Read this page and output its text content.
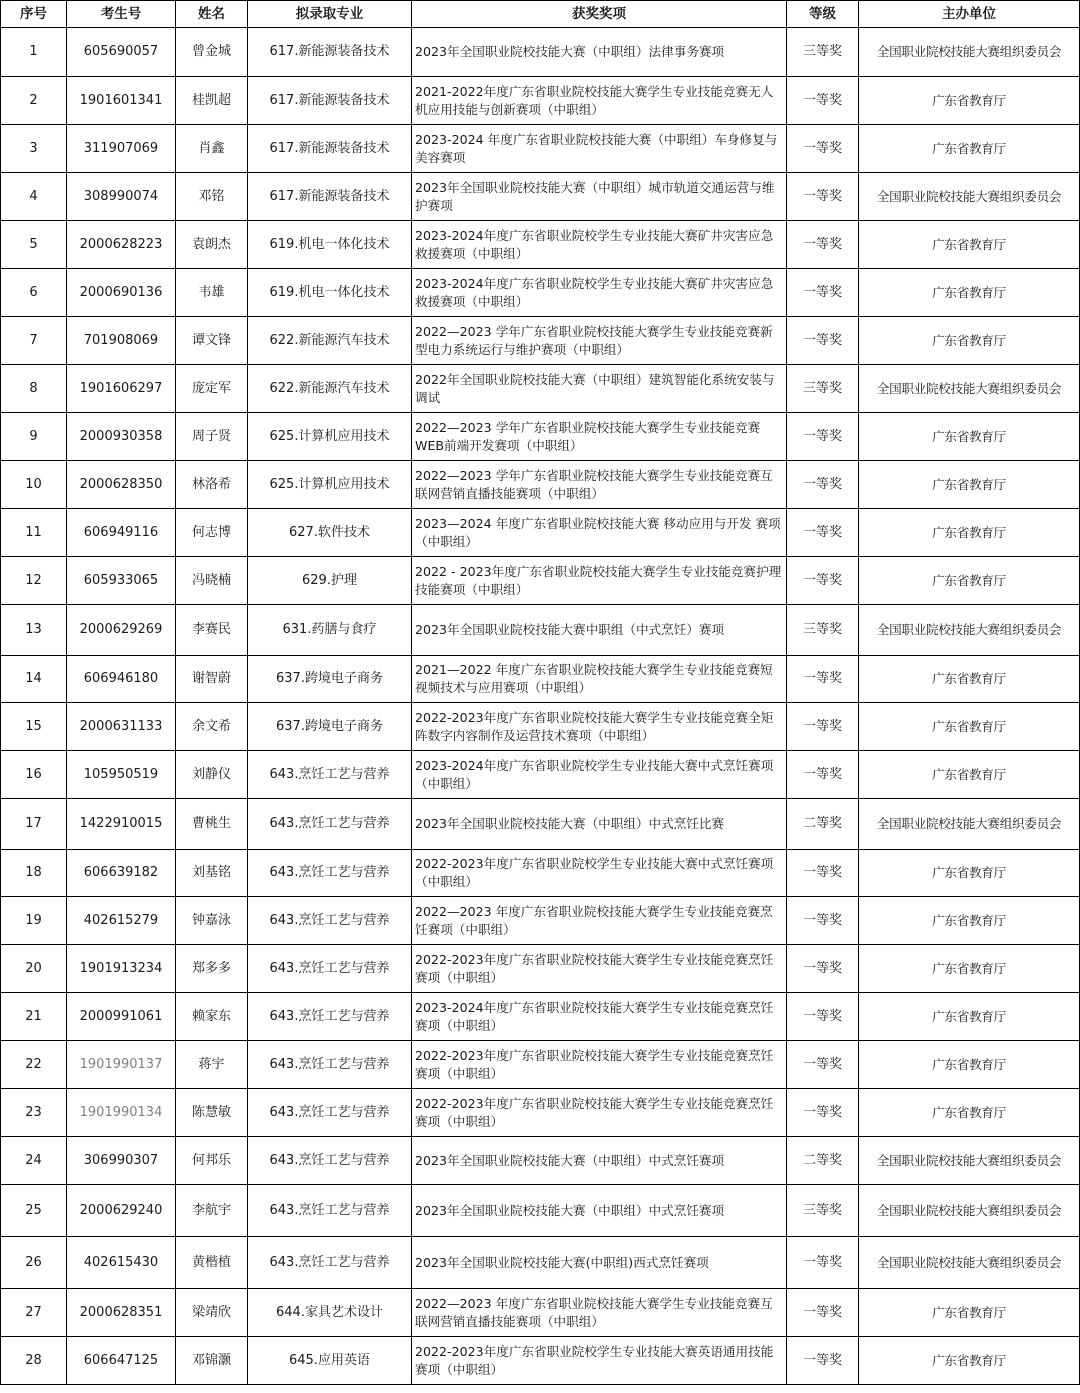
序号	考生号	姓名	拟录取专业	获奖奖项	等级	主办单位
1	605690057	曾金城	617.新能源装备技术	2023年全国职业院校技能大赛（中职组）法律事务赛项	三等奖	全国职业院校技能大赛组织委员会
2	1901601341	桂凯超	617.新能源装备技术	2021-2022年度广东省职业院校技能大赛学生专业技能竞赛无人机应用技能与创新赛项（中职组）	一等奖	广东省教育厅
3	311907069	肖鑫	617.新能源装备技术	2023-2024 年度广东省职业院校技能大赛（中职组）车身修复与美容赛项	一等奖	广东省教育厅
4	308990074	邓铭	617.新能源装备技术	2023年全国职业院校技能大赛（中职组）城市轨道交通运营与维护赛项	一等奖	全国职业院校技能大赛组织委员会
5	2000628223	袁朗杰	619.机电一体化技术	2023-2024年度广东省职业院校学生专业技能大赛矿井灾害应急救援赛项（中职组）	一等奖	广东省教育厅
6	2000690136	韦雄	619.机电一体化技术	2023-2024年度广东省职业院校学生专业技能大赛矿井灾害应急救援赛项（中职组）	一等奖	广东省教育厅
7	701908069	谭文锋	622.新能源汽车技术	2022—2023 学年广东省职业院校技能大赛学生专业技能竞赛新型电力系统运行与维护赛项（中职组）	一等奖	广东省教育厅
8	1901606297	庞定军	622.新能源汽车技术	2022年全国职业院校技能大赛（中职组）建筑智能化系统安装与调试	三等奖	全国职业院校技能大赛组织委员会
9	2000930358	周子贤	625.计算机应用技术	2022—2023 学年广东省职业院校技能大赛学生专业技能竞赛WEB前端开发赛项（中职组）	一等奖	广东省教育厅
10	2000628350	林洛希	625.计算机应用技术	2022—2023 学年广东省职业院校技能大赛学生专业技能竞赛互联网营销直播技能赛项（中职组）	一等奖	广东省教育厅
11	606949116	何志博	627.软件技术	2023—2024 年度广东省职业院校技能大赛 移动应用与开发 赛项（中职组）	一等奖	广东省教育厅
12	605933065	冯晓楠	629.护理	2022 - 2023年度广东省职业院校技能大赛学生专业技能竞赛护理技能赛项（中职组）	一等奖	广东省教育厅
13	2000629269	李赛民	631.药膳与食疗	2023年全国职业院校技能大赛中职组（中式烹饪）赛项	三等奖	全国职业院校技能大赛组织委员会
14	606946180	谢智蔚	637.跨境电子商务	2021—2022 年度广东省职业院校技能大赛学生专业技能竞赛短视频技术与应用赛项（中职组）	一等奖	广东省教育厅
15	2000631133	余文希	637.跨境电子商务	2022-2023年度广东省职业院校技能大赛学生专业技能竞赛全矩阵数字内容制作及运营技术赛项（中职组）	一等奖	广东省教育厅
16	105950519	刘静仪	643.烹饪工艺与营养	2023-2024年度广东省职业院校学生专业技能大赛中式烹饪赛项（中职组）	一等奖	广东省教育厅
17	1422910015	曹桃生	643.烹饪工艺与营养	2023年全国职业院校技能大赛（中职组）中式烹饪比赛	二等奖	全国职业院校技能大赛组织委员会
18	606639182	刘基铭	643.烹饪工艺与营养	2022-2023年度广东省职业院校学生专业技能大赛中式烹饪赛项（中职组）	一等奖	广东省教育厅
19	402615279	钟嘉泳	643.烹饪工艺与营养	2022—2023 年度广东省职业院校技能大赛学生专业技能竞赛烹饪赛项（中职组）	一等奖	广东省教育厅
20	1901913234	郑多多	643.烹饪工艺与营养	2022-2023年度广东省职业院校技能大赛学生专业技能竞赛烹饪赛项（中职组）	一等奖	广东省教育厅
21	2000991061	赖家东	643.烹饪工艺与营养	2023-2024年度广东省职业院校技能大赛学生专业技能竞赛烹饪赛项（中职组）	一等奖	广东省教育厅
22	1901990137	蒋宇	643.烹饪工艺与营养	2022-2023年度广东省职业院校技能大赛学生专业技能竞赛烹饪赛项（中职组）	一等奖	广东省教育厅
23	1901990134	陈慧敏	643.烹饪工艺与营养	2022-2023年度广东省职业院校技能大赛学生专业技能竞赛烹饪赛项（中职组）	一等奖	广东省教育厅
24	306990307	何邦乐	643.烹饪工艺与营养	2023年全国职业院校技能大赛（中职组）中式烹饪赛项	二等奖	全国职业院校技能大赛组织委员会
25	2000629240	李航宇	643.烹饪工艺与营养	2023年全国职业院校技能大赛（中职组）中式烹饪赛项	三等奖	全国职业院校技能大赛组织委员会
26	402615430	黄楷植	643.烹饪工艺与营养	2023年全国职业院校技能大赛(中职组)西式烹饪赛项	一等奖	全国职业院校技能大赛组织委员会
27	2000628351	梁靖欣	644.家具艺术设计	2022—2023 年度广东省职业院校技能大赛学生专业技能竞赛互联网营销直播技能赛项（中职组）	一等奖	广东省教育厅
28	606647125	邓锦灏	645.应用英语	2022-2023年度广东省职业院校学生专业技能大赛英语通用技能赛项（中职组）	一等奖	广东省教育厅
